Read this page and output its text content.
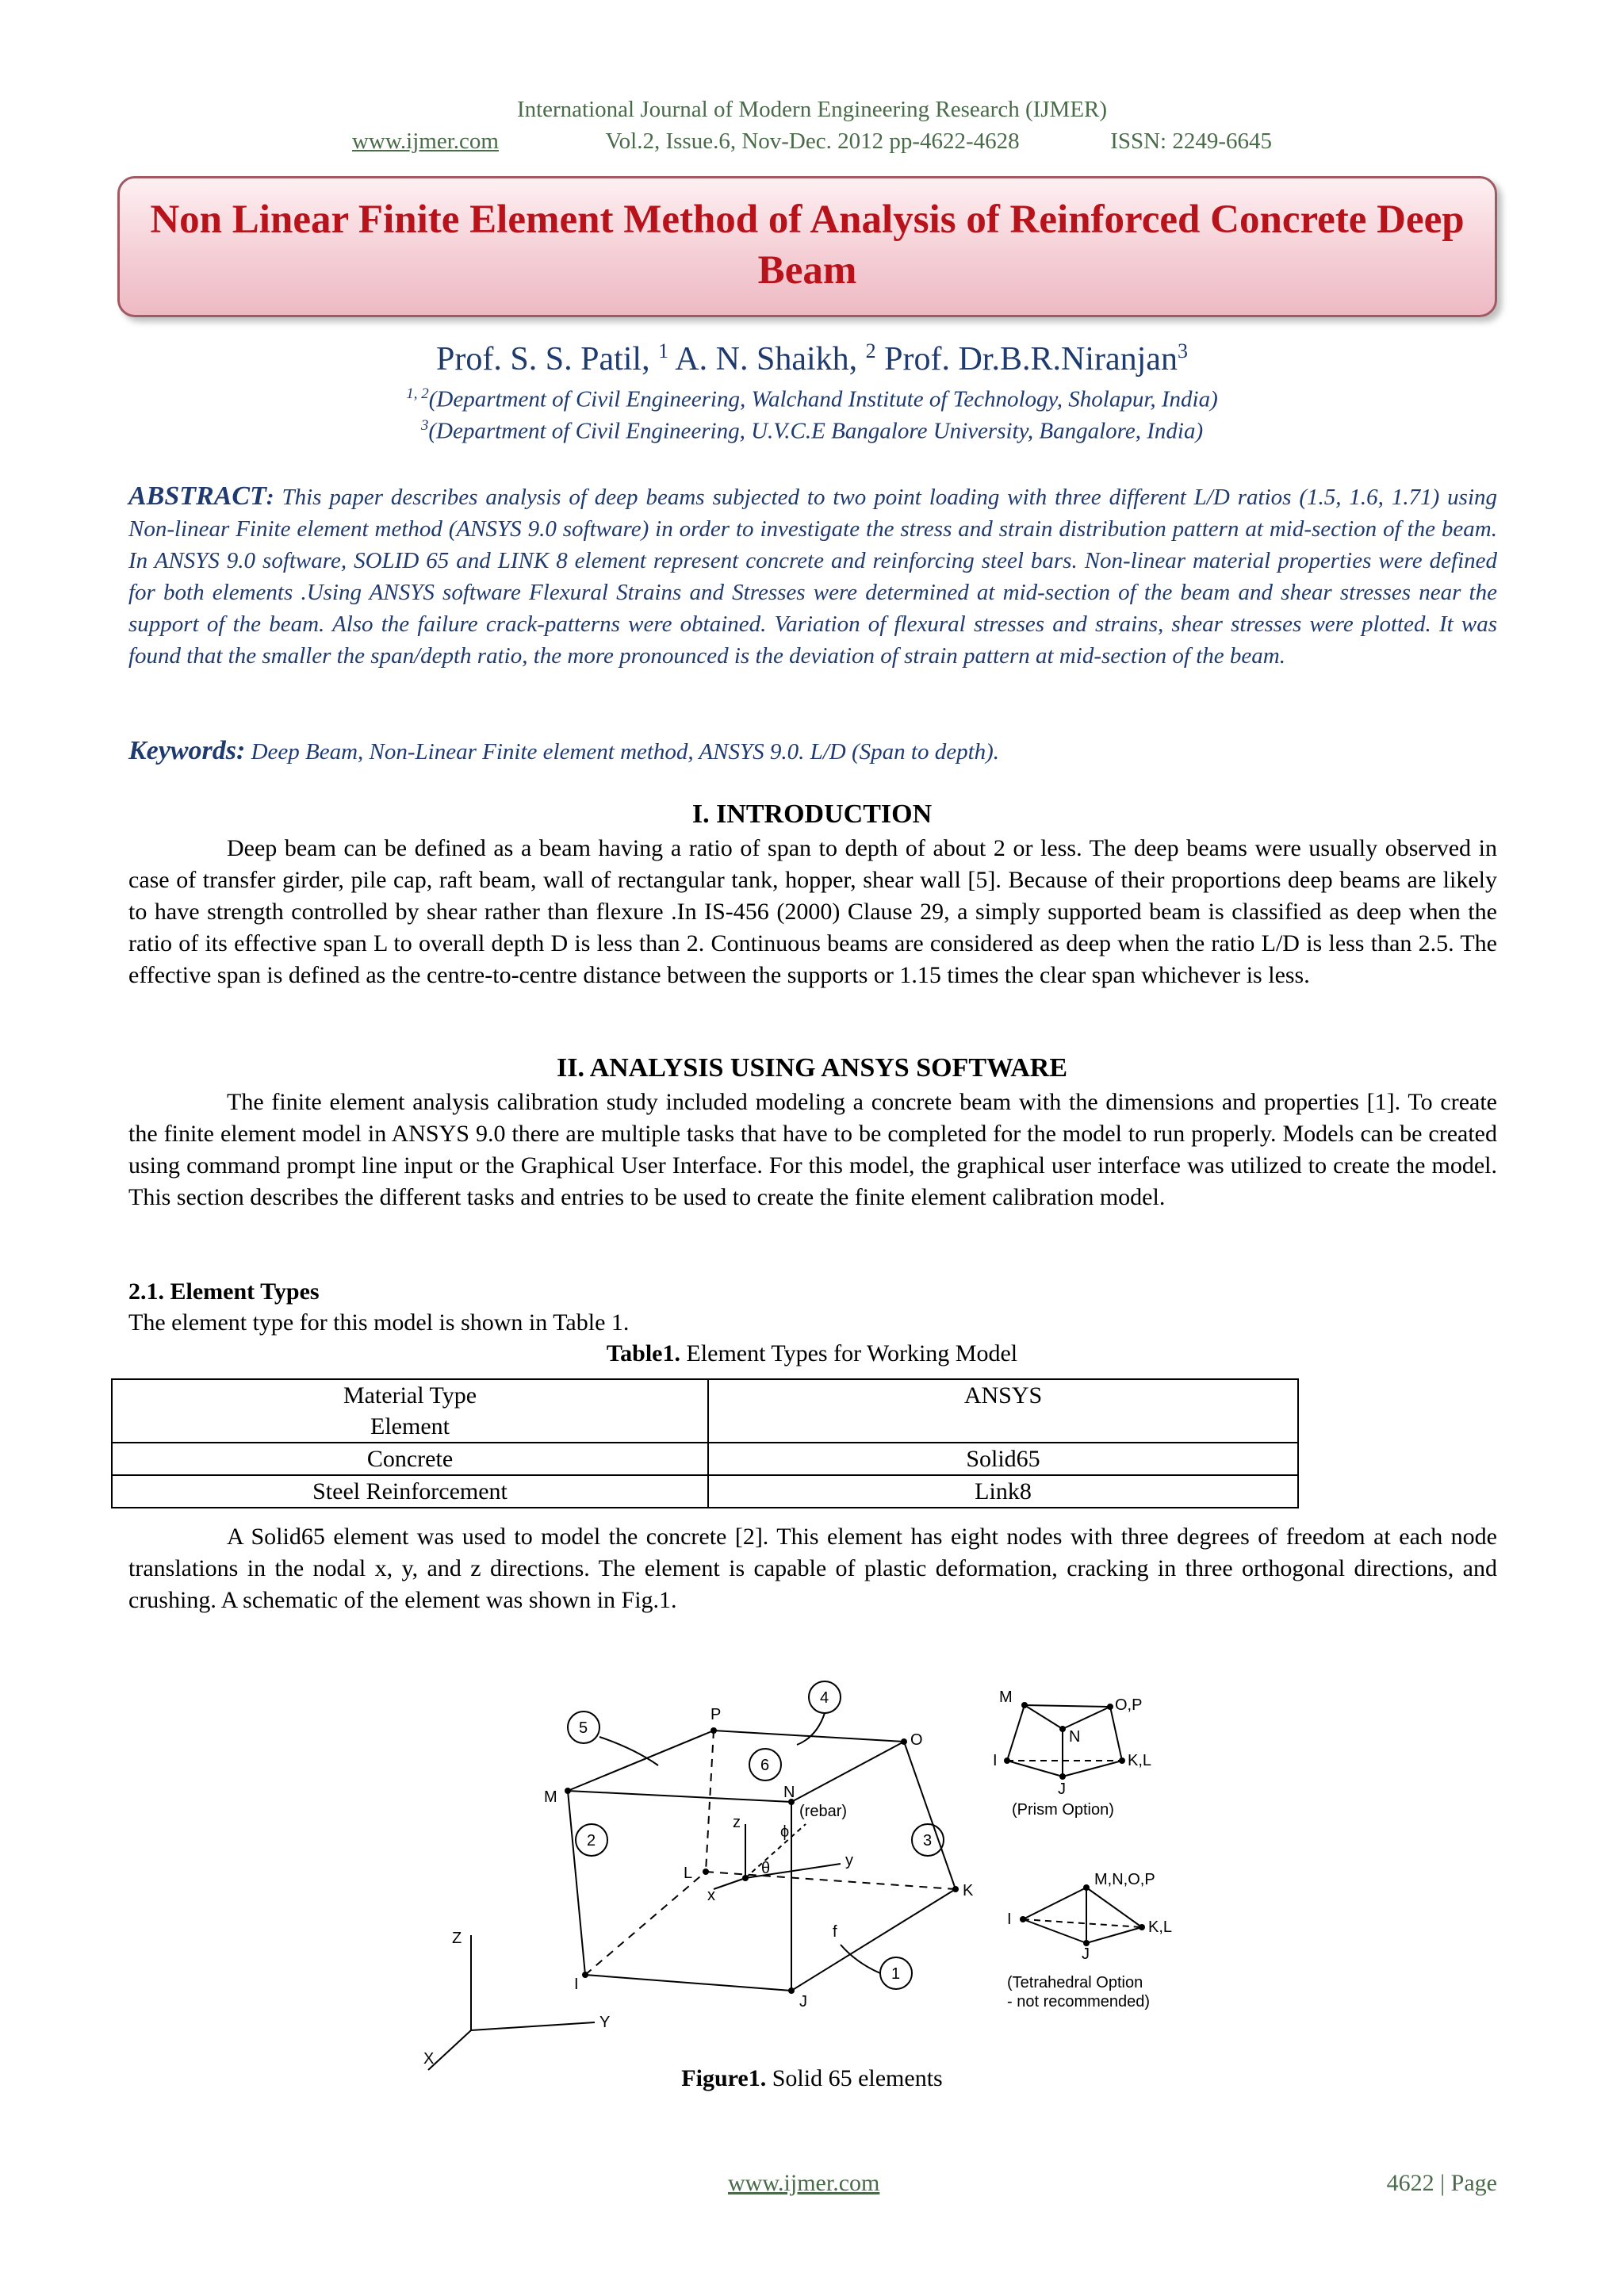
International Journal of Modern Engineering Research (IJMER)
www.ijmer.com	Vol.2, Issue.6, Nov-Dec. 2012 pp-4622-4628	ISSN: 2249-6645
Non Linear Finite Element Method of Analysis of Reinforced Concrete Deep Beam
Prof. S. S. Patil, $^1$ A. N. Shaikh, $^2$ Prof. Dr.B.R.Niranjan$^3$
$^{1, 2}$(Department of Civil Engineering, Walchand Institute of Technology, Sholapur, India)
$^3$(Department of Civil Engineering, U.V.C.E Bangalore University, Bangalore, India)
ABSTRACT: This paper describes analysis of deep beams subjected to two point loading with three different L/D ratios (1.5, 1.6, 1.71) using Non-linear Finite element method (ANSYS 9.0 software) in order to investigate the stress and strain distribution pattern at mid-section of the beam. In ANSYS 9.0 software, SOLID 65 and LINK 8 element represent concrete and reinforcing steel bars. Non-linear material properties were defined for both elements .Using ANSYS software Flexural Strains and Stresses were determined at mid-section of the beam and shear stresses near the support of the beam. Also the failure crack-patterns were obtained. Variation of flexural stresses and strains, shear stresses were plotted. It was found that the smaller the span/depth ratio, the more pronounced is the deviation of strain pattern at mid-section of the beam.
Keywords: Deep Beam, Non-Linear Finite element method, ANSYS 9.0. L/D (Span to depth).
I. INTRODUCTION
Deep beam can be defined as a beam having a ratio of span to depth of about 2 or less. The deep beams were usually observed in case of transfer girder, pile cap, raft beam, wall of rectangular tank, hopper, shear wall [5]. Because of their proportions deep beams are likely to have strength controlled by shear rather than flexure .In IS-456 (2000) Clause 29, a simply supported beam is classified as deep when the ratio of its effective span L to overall depth D is less than 2. Continuous beams are considered as deep when the ratio L/D is less than 2.5. The effective span is defined as the centre-to-centre distance between the supports or 1.15 times the clear span whichever is less.
II. ANALYSIS USING ANSYS SOFTWARE
The finite element analysis calibration study included modeling a concrete beam with the dimensions and properties [1]. To create the finite element model in ANSYS 9.0 there are multiple tasks that have to be completed for the model to run properly. Models can be created using command prompt line input or the Graphical User Interface. For this model, the graphical user interface was utilized to create the model. This section describes the different tasks and entries to be used to create the finite element calibration model.
2.1. Element Types
The element type for this model is shown in Table 1.
Table1. Element Types for Working Model
Material Type
Element	ANSYS
Concrete	Solid65
Steel Reinforcement	Link8
A Solid65 element was used to model the concrete [2]. This element has eight nodes with three degrees of freedom at each node translations in the nodal x, y, and z directions. The element is capable of plastic deformation, cracking in three orthogonal directions, and crushing. A schematic of the element was shown in Fig.1.
P
O
M	N
L
K
I
J
2	3
6
5
4
1
(rebar)
z
y
x
θ
ϕ
f
Z
Y
X
M	O,P
N
I	K,L
J
(Prism Option)
M,N,O,P
I	K,L
J
(Tetrahedral Option
- not recommended)
Figure1. Solid 65 elements
www.ijmer.com	4622 | Page
